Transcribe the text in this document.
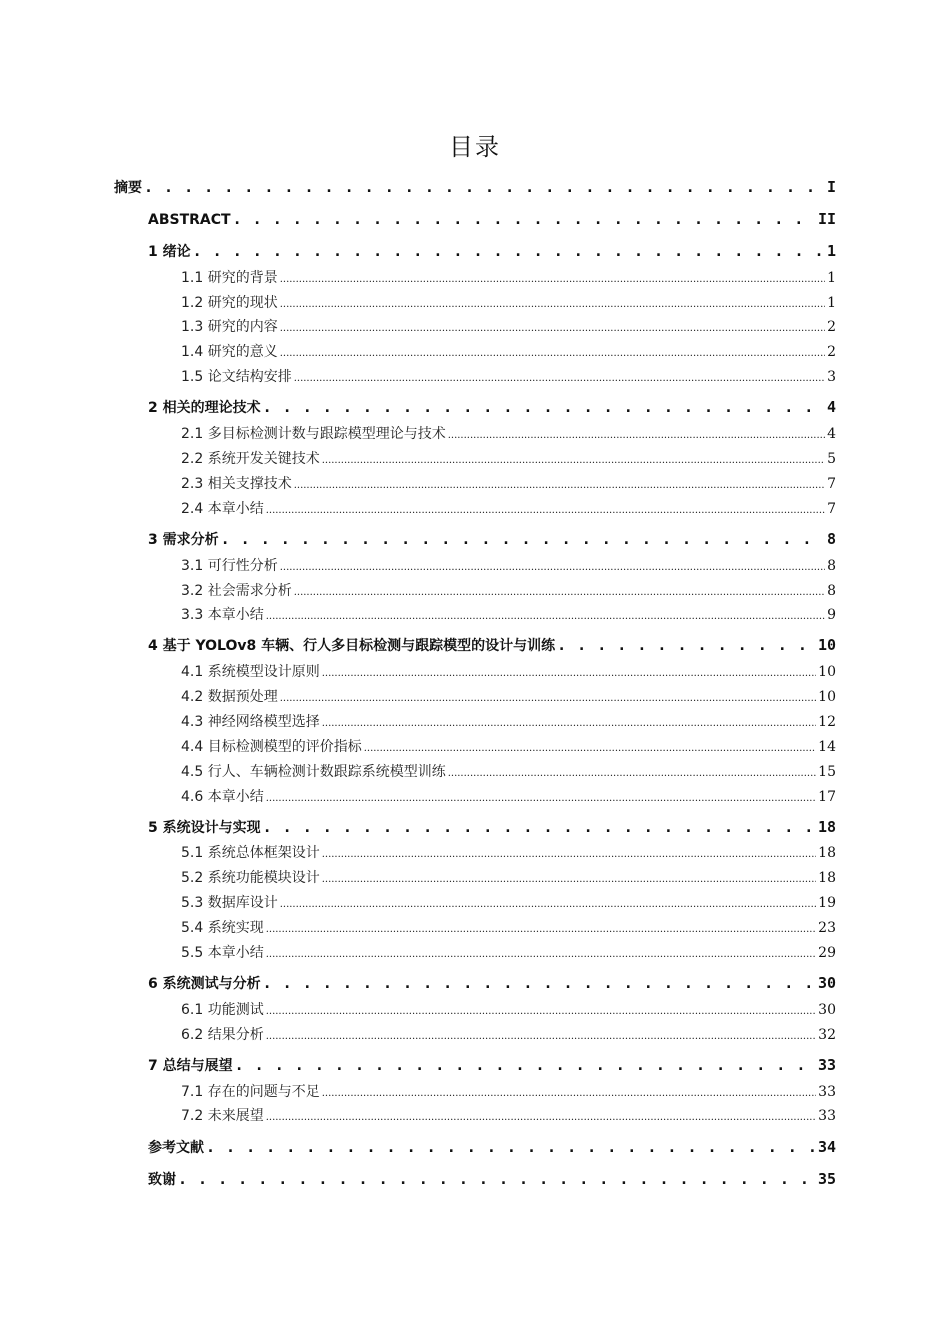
目录
摘要 . . .	I
ABSTRACT . . .	II
1 绪论 . . .	1
1.1 研究的背景 .....	1
1.2 研究的现状 .....	1
1.3 研究的内容 .....	2
1.4 研究的意义 .....	2
1.5 论文结构安排 .....	3
2 相关的理论技术 . . .	4
2.1 多目标检测计数与跟踪模型理论与技术 .....	4
2.2 系统开发关键技术 .....	5
2.3 相关支撑技术 .....	7
2.4 本章小结 .....	7
3 需求分析 . . .	8
3.1 可行性分析 .....	8
3.2 社会需求分析 .....	8
3.3 本章小结 .....	9
4 基于 YOLOv8 车辆、行人多目标检测与跟踪模型的设计与训练 . . .	10
4.1 系统模型设计原则 .....	10
4.2 数据预处理 .....	10
4.3 神经网络模型选择 .....	12
4.4 目标检测模型的评价指标 .....	14
4.5 行人、车辆检测计数跟踪系统模型训练 .....	15
4.6 本章小结 .....	17
5 系统设计与实现 . . .	18
5.1 系统总体框架设计 .....	18
5.2 系统功能模块设计 .....	18
5.3 数据库设计 .....	19
5.4 系统实现 .....	23
5.5 本章小结 .....	29
6 系统测试与分析 . . .	30
6.1 功能测试 .....	30
6.2 结果分析 .....	32
7 总结与展望 . . .	33
7.1 存在的问题与不足 .....	33
7.2 未来展望 .....	33
参考文献 . . .	34
致谢 . . .	35
